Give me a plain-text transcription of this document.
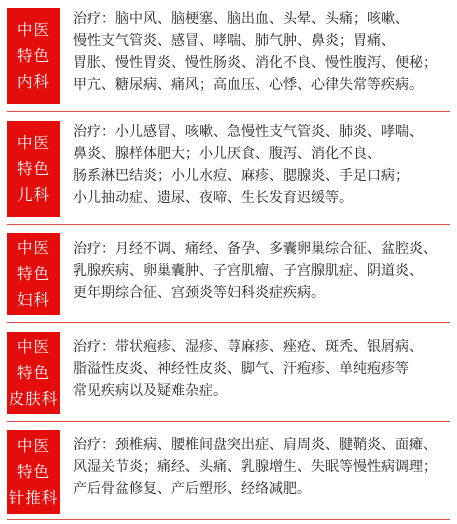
中医
特色
内科
治疗：脑中风、脑梗塞、脑出血、头晕、头痛；咳嗽、
慢性支气管炎、感冒、哮喘、肺气肿、鼻炎；胃痛、
胃胀、慢性胃炎、慢性肠炎、消化不良、慢性腹泻、便秘；
甲亢、糖尿病、痛风；高血压、心悸、心律失常等疾病。
中医
特色
儿科
治疗：小儿感冒、咳嗽、急慢性支气管炎、肺炎、哮喘、
鼻炎、腺样体肥大；小儿厌食、腹泻、消化不良、
肠系淋巴结炎；小儿水痘、麻疹、腮腺炎、手足口病；
小儿抽动症、遗尿、夜啼、生长发育迟缓等。
中医
特色
妇科
治疗：月经不调、痛经、备孕、多囊卵巢综合征、盆腔炎、
乳腺疾病、卵巢囊肿、子宫肌瘤、子宫腺肌症、阴道炎、
更年期综合征、宫颈炎等妇科炎症疾病。
中医
特色
皮肤科
治疗：带状疱疹、湿疹、荨麻疹、痤疮、斑秃、银屑病、
脂溢性皮炎、神经性皮炎、脚气、汗疱疹、单纯疱疹等
常见疾病以及疑难杂症。
中医
特色
针推科
治疗：颈椎病、腰椎间盘突出症、肩周炎、腱鞘炎、面瘫、
风湿关节炎；痛经、头痛、乳腺增生、失眠等慢性病调理；
产后骨盆修复、产后塑形、经络减肥。
